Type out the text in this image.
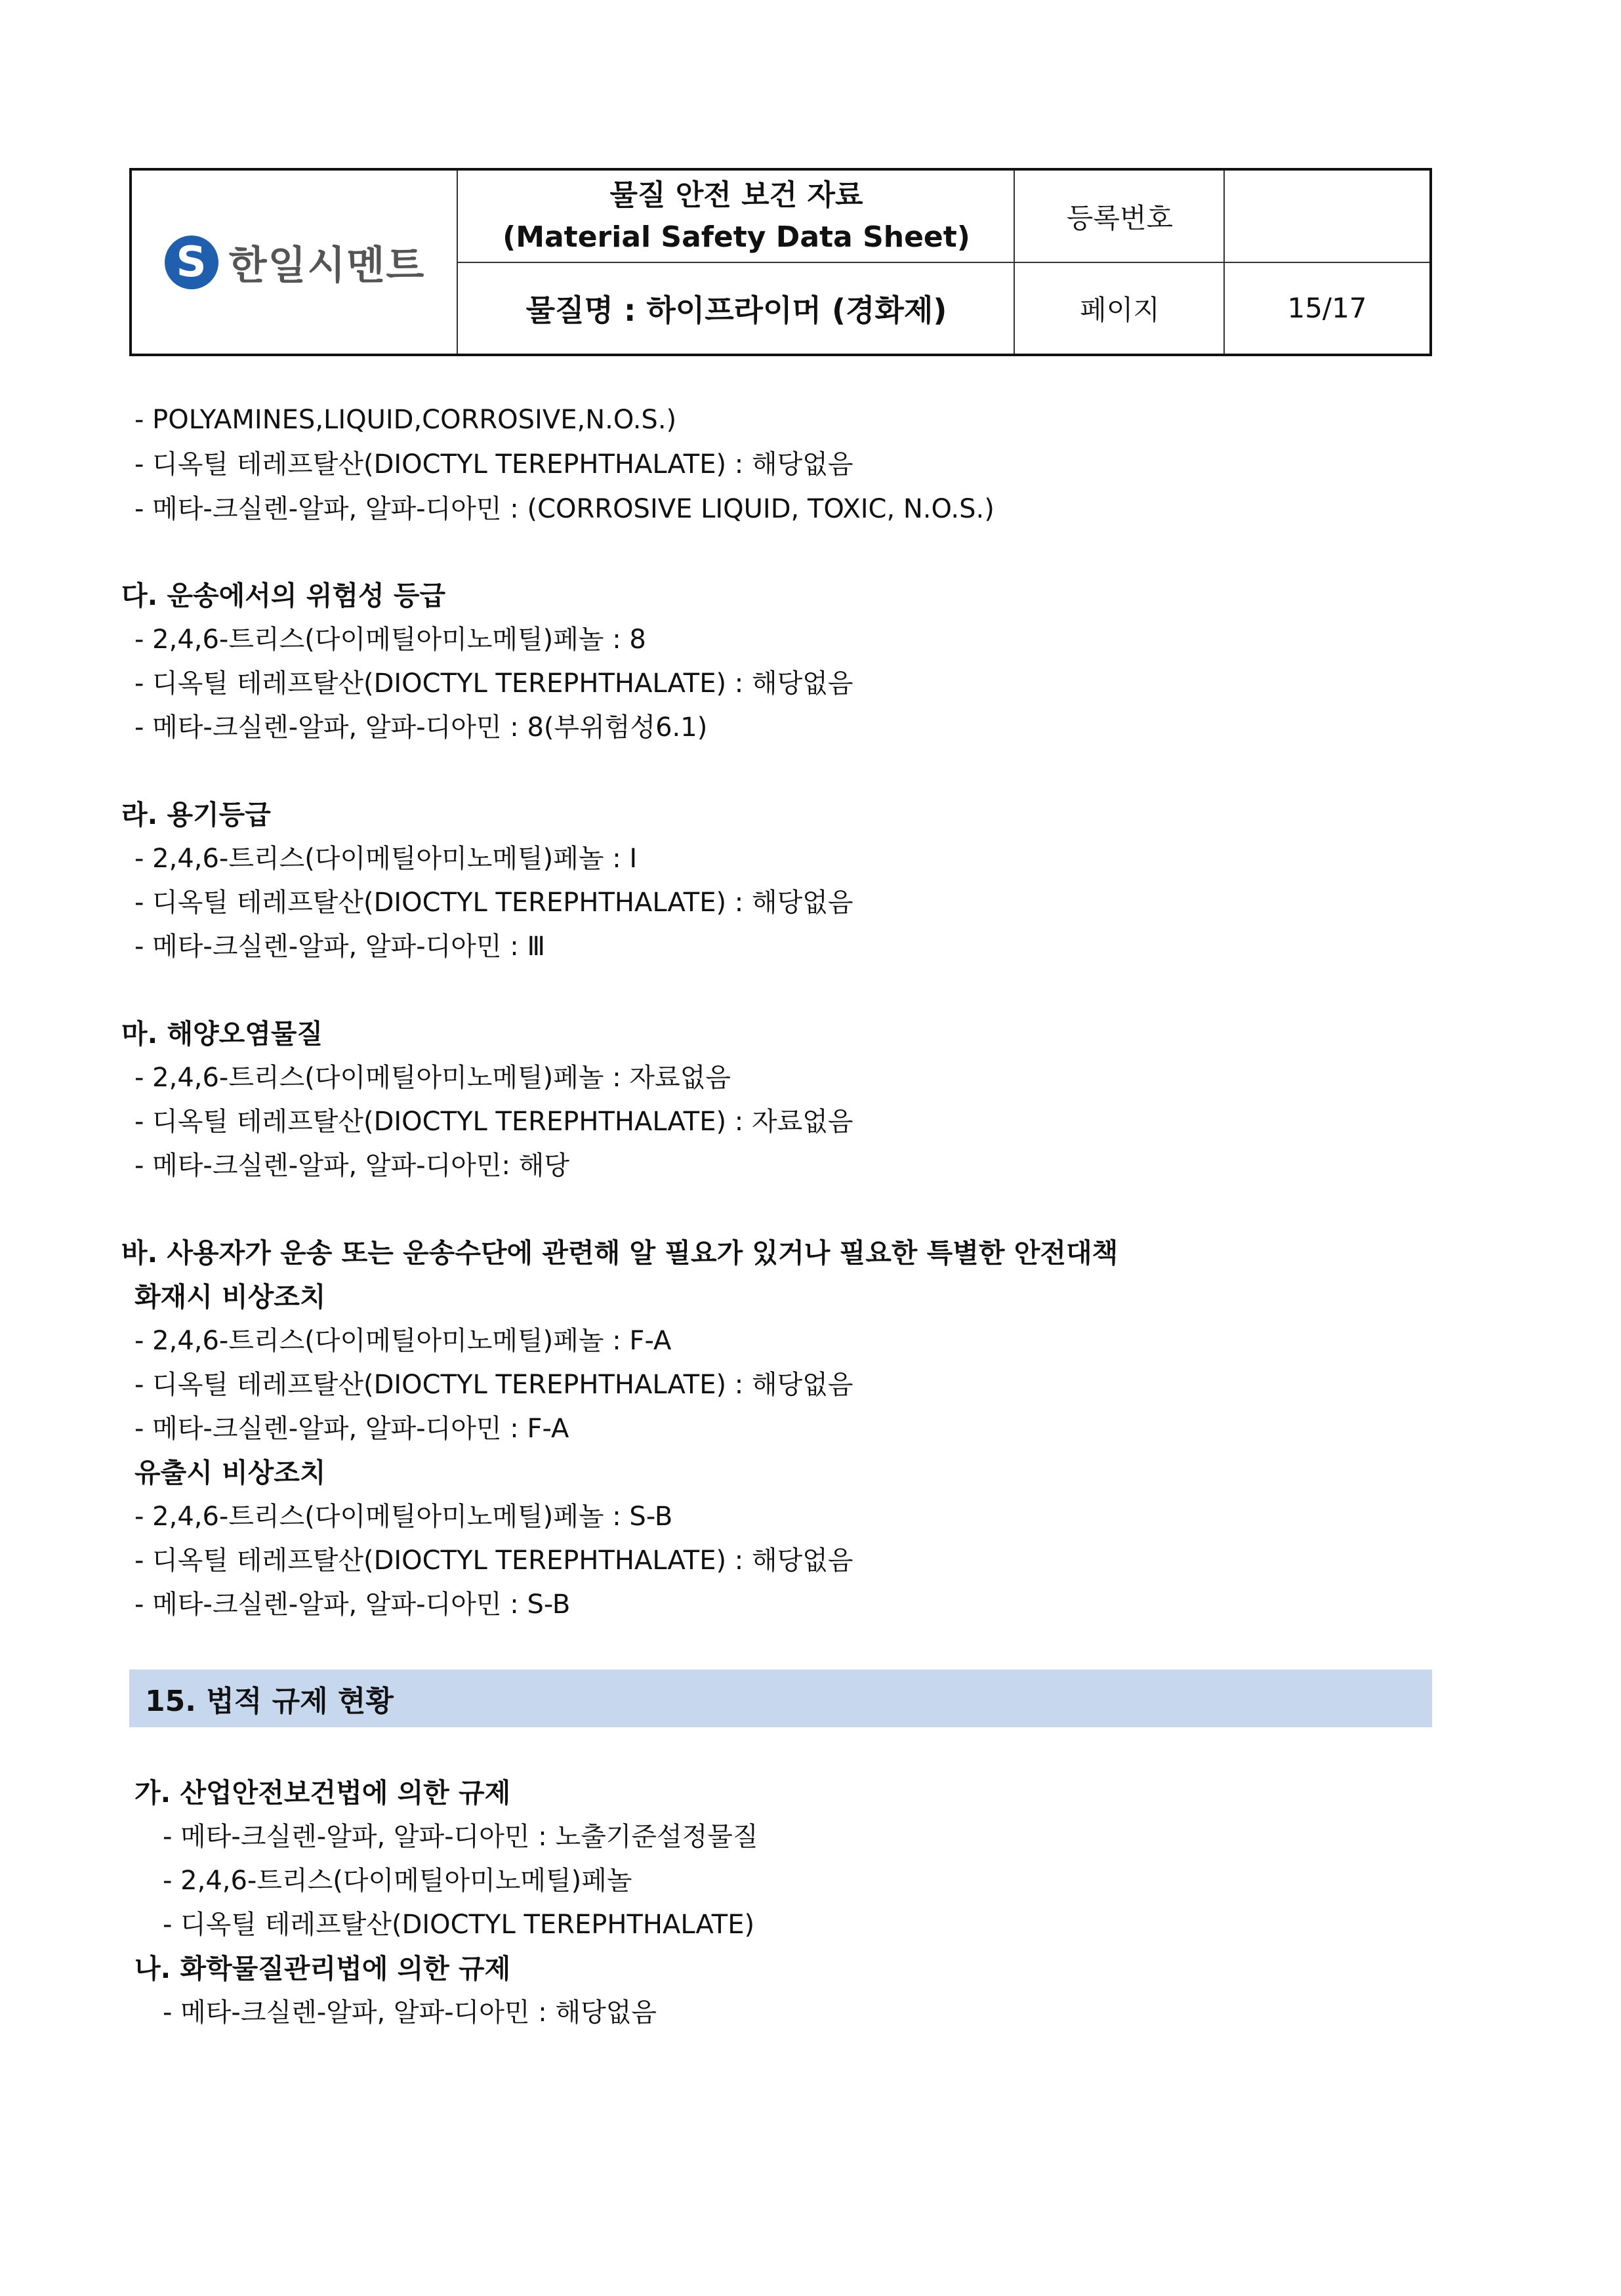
S 한일시멘트
물질 안전 보건 자료
(Material Safety Data Sheet)
물질명 : 하이프라이머 (경화제)
등록번호
페이지	15/17
- POLYAMINES,LIQUID,CORROSIVE,N.O.S.)
- 디옥틸 테레프탈산(DIOCTYL TEREPHTHALATE) : 해당없음
- 메타-크실렌-알파, 알파-디아민 : (CORROSIVE LIQUID, TOXIC, N.O.S.)
다. 운송에서의 위험성 등급
- 2,4,6-트리스(다이메틸아미노메틸)페놀 : 8
- 디옥틸 테레프탈산(DIOCTYL TEREPHTHALATE) : 해당없음
- 메타-크실렌-알파, 알파-디아민 : 8(부위험성6.1)
라. 용기등급
- 2,4,6-트리스(다이메틸아미노메틸)페놀 : Ⅰ
- 디옥틸 테레프탈산(DIOCTYL TEREPHTHALATE) : 해당없음
- 메타-크실렌-알파, 알파-디아민 : Ⅲ
마. 해양오염물질
- 2,4,6-트리스(다이메틸아미노메틸)페놀 : 자료없음
- 디옥틸 테레프탈산(DIOCTYL TEREPHTHALATE) : 자료없음
- 메타-크실렌-알파, 알파-디아민: 해당
바. 사용자가 운송 또는 운송수단에 관련해 알 필요가 있거나 필요한 특별한 안전대책
화재시 비상조치
- 2,4,6-트리스(다이메틸아미노메틸)페놀 : F-A
- 디옥틸 테레프탈산(DIOCTYL TEREPHTHALATE) : 해당없음
- 메타-크실렌-알파, 알파-디아민 : F-A
유출시 비상조치
- 2,4,6-트리스(다이메틸아미노메틸)페놀 : S-B
- 디옥틸 테레프탈산(DIOCTYL TEREPHTHALATE) : 해당없음
- 메타-크실렌-알파, 알파-디아민 : S-B
15. 법적 규제 현황
가. 산업안전보건법에 의한 규제
- 메타-크실렌-알파, 알파-디아민 : 노출기준설정물질
- 2,4,6-트리스(다이메틸아미노메틸)페놀
- 디옥틸 테레프탈산(DIOCTYL TEREPHTHALATE)
나. 화학물질관리법에 의한 규제
- 메타-크실렌-알파, 알파-디아민 : 해당없음
